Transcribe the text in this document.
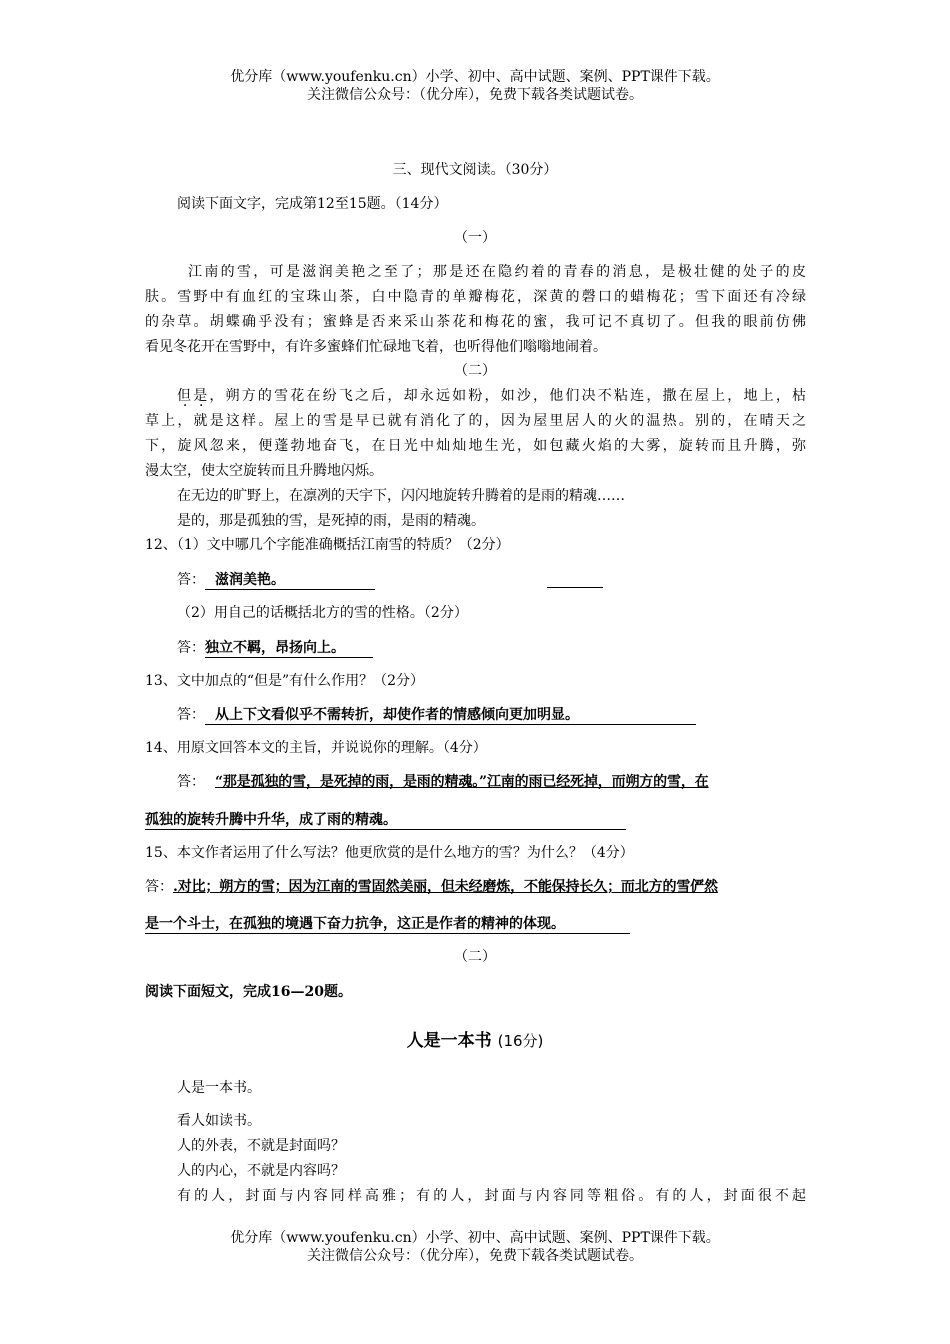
优分库（www.youfenku.cn）小学、初中、高中试题、案例、PPT课件下载。
关注微信公众号：（优分库），免费下载各类试题试卷。
三、现代文阅读。（30分）
阅读下面文字，完成第12至15题。（14分）
（一）
江南的雪，可是滋润美艳之至了；那是还在隐约着的青春的消息，是极壮健的处子的皮
肤。雪野中有血红的宝珠山茶，白中隐青的单瓣梅花，深黄的磬口的蜡梅花；雪下面还有冷绿
的杂草。胡蝶确乎没有；蜜蜂是否来采山茶花和梅花的蜜，我可记不真切了。但我的眼前仿佛
看见冬花开在雪野中，有许多蜜蜂们忙碌地飞着，也听得他们嗡嗡地闹着。
（二）
但是，朔方的雪花在纷飞之后，却永远如粉，如沙，他们决不粘连，撒在屋上，地上，枯
草上，就是这样。屋上的雪是早已就有消化了的，因为屋里居人的火的温热。别的，在晴天之
下，旋风忽来，便蓬勃地奋飞，在日光中灿灿地生光，如包藏火焰的大雾，旋转而且升腾，弥
漫太空，使太空旋转而且升腾地闪烁。
在无边的旷野上，在凛冽的天宇下，闪闪地旋转升腾着的是雨的精魂……
是的，那是孤独的雪，是死掉的雨，是雨的精魂。
12、（1）文中哪几个字能准确概括江南雪的特质？（2分）
答： 滋润美艳。
（2）用自己的话概括北方的雪的性格。（2分）
答：独立不羁，昂扬向上。
13、文中加点的“但是”有什么作用？（2分）
答： 从上下文看似乎不需转折，却使作者的情感倾向更加明显。
14、用原文回答本文的主旨，并说说你的理解。（4分）
答： “那是孤独的雪，是死掉的雨，是雨的精魂。”江南的雨已经死掉，而朔方的雪，在
孤独的旋转升腾中升华，成了雨的精魂。
15、本文作者运用了什么写法？他更欣赏的是什么地方的雪？为什么？（4分）
答：.对比；朔方的雪；因为江南的雪固然美丽，但未经磨炼，不能保持长久；而北方的雪俨然
是一个斗士，在孤独的境遇下奋力抗争，这正是作者的精神的体现。
（二）
阅读下面短文，完成16—20题。
人是一本书 (16分)
人是一本书。
看人如读书。
人的外表，不就是封面吗？
人的内心，不就是内容吗？
有的人，封面与内容同样高雅；有的人，封面与内容同等粗俗。有的人，封面很不起
优分库（www.youfenku.cn）小学、初中、高中试题、案例、PPT课件下载。
关注微信公众号：（优分库），免费下载各类试题试卷。
